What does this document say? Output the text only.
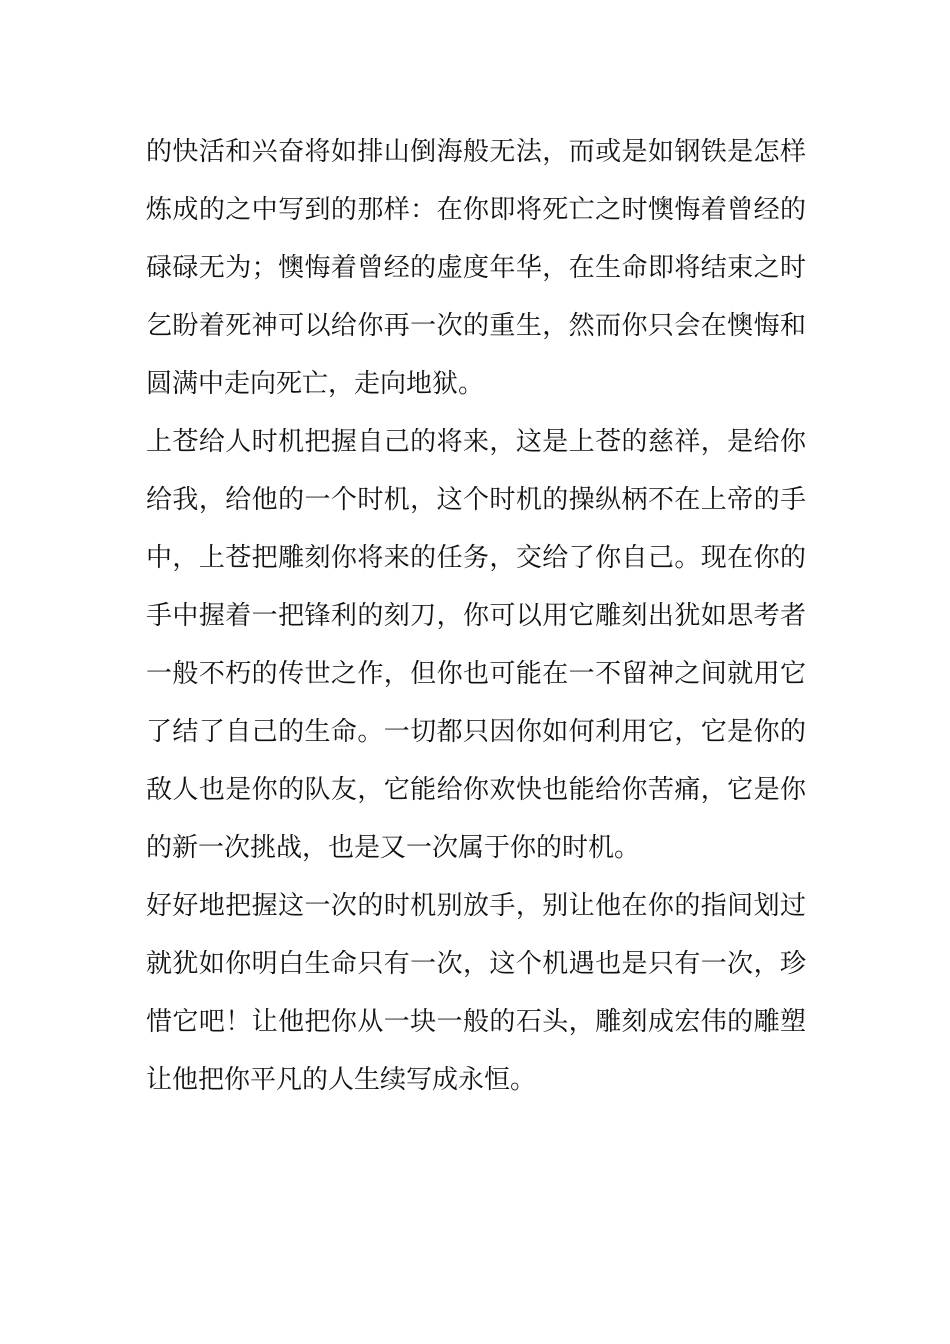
的快活和兴奋将如排山倒海般无法，而或是如钢铁是怎样
炼成的之中写到的那样：在你即将死亡之时懊悔着曾经的
碌碌无为；懊悔着曾经的虚度年华，在生命即将结束之时
乞盼着死神可以给你再一次的重生，然而你只会在懊悔和
圆满中走向死亡，走向地狱。
上苍给人时机把握自己的将来，这是上苍的慈祥，是给你
给我，给他的一个时机，这个时机的操纵柄不在上帝的手
中，上苍把雕刻你将来的任务，交给了你自己。现在你的
手中握着一把锋利的刻刀，你可以用它雕刻出犹如思考者
一般不朽的传世之作，但你也可能在一不留神之间就用它
了结了自己的生命。一切都只因你如何利用它，它是你的
敌人也是你的队友，它能给你欢快也能给你苦痛，它是你
的新一次挑战，也是又一次属于你的时机。
好好地把握这一次的时机别放手，别让他在你的指间划过
就犹如你明白生命只有一次，这个机遇也是只有一次，珍
惜它吧！让他把你从一块一般的石头，雕刻成宏伟的雕塑
让他把你平凡的人生续写成永恒。
